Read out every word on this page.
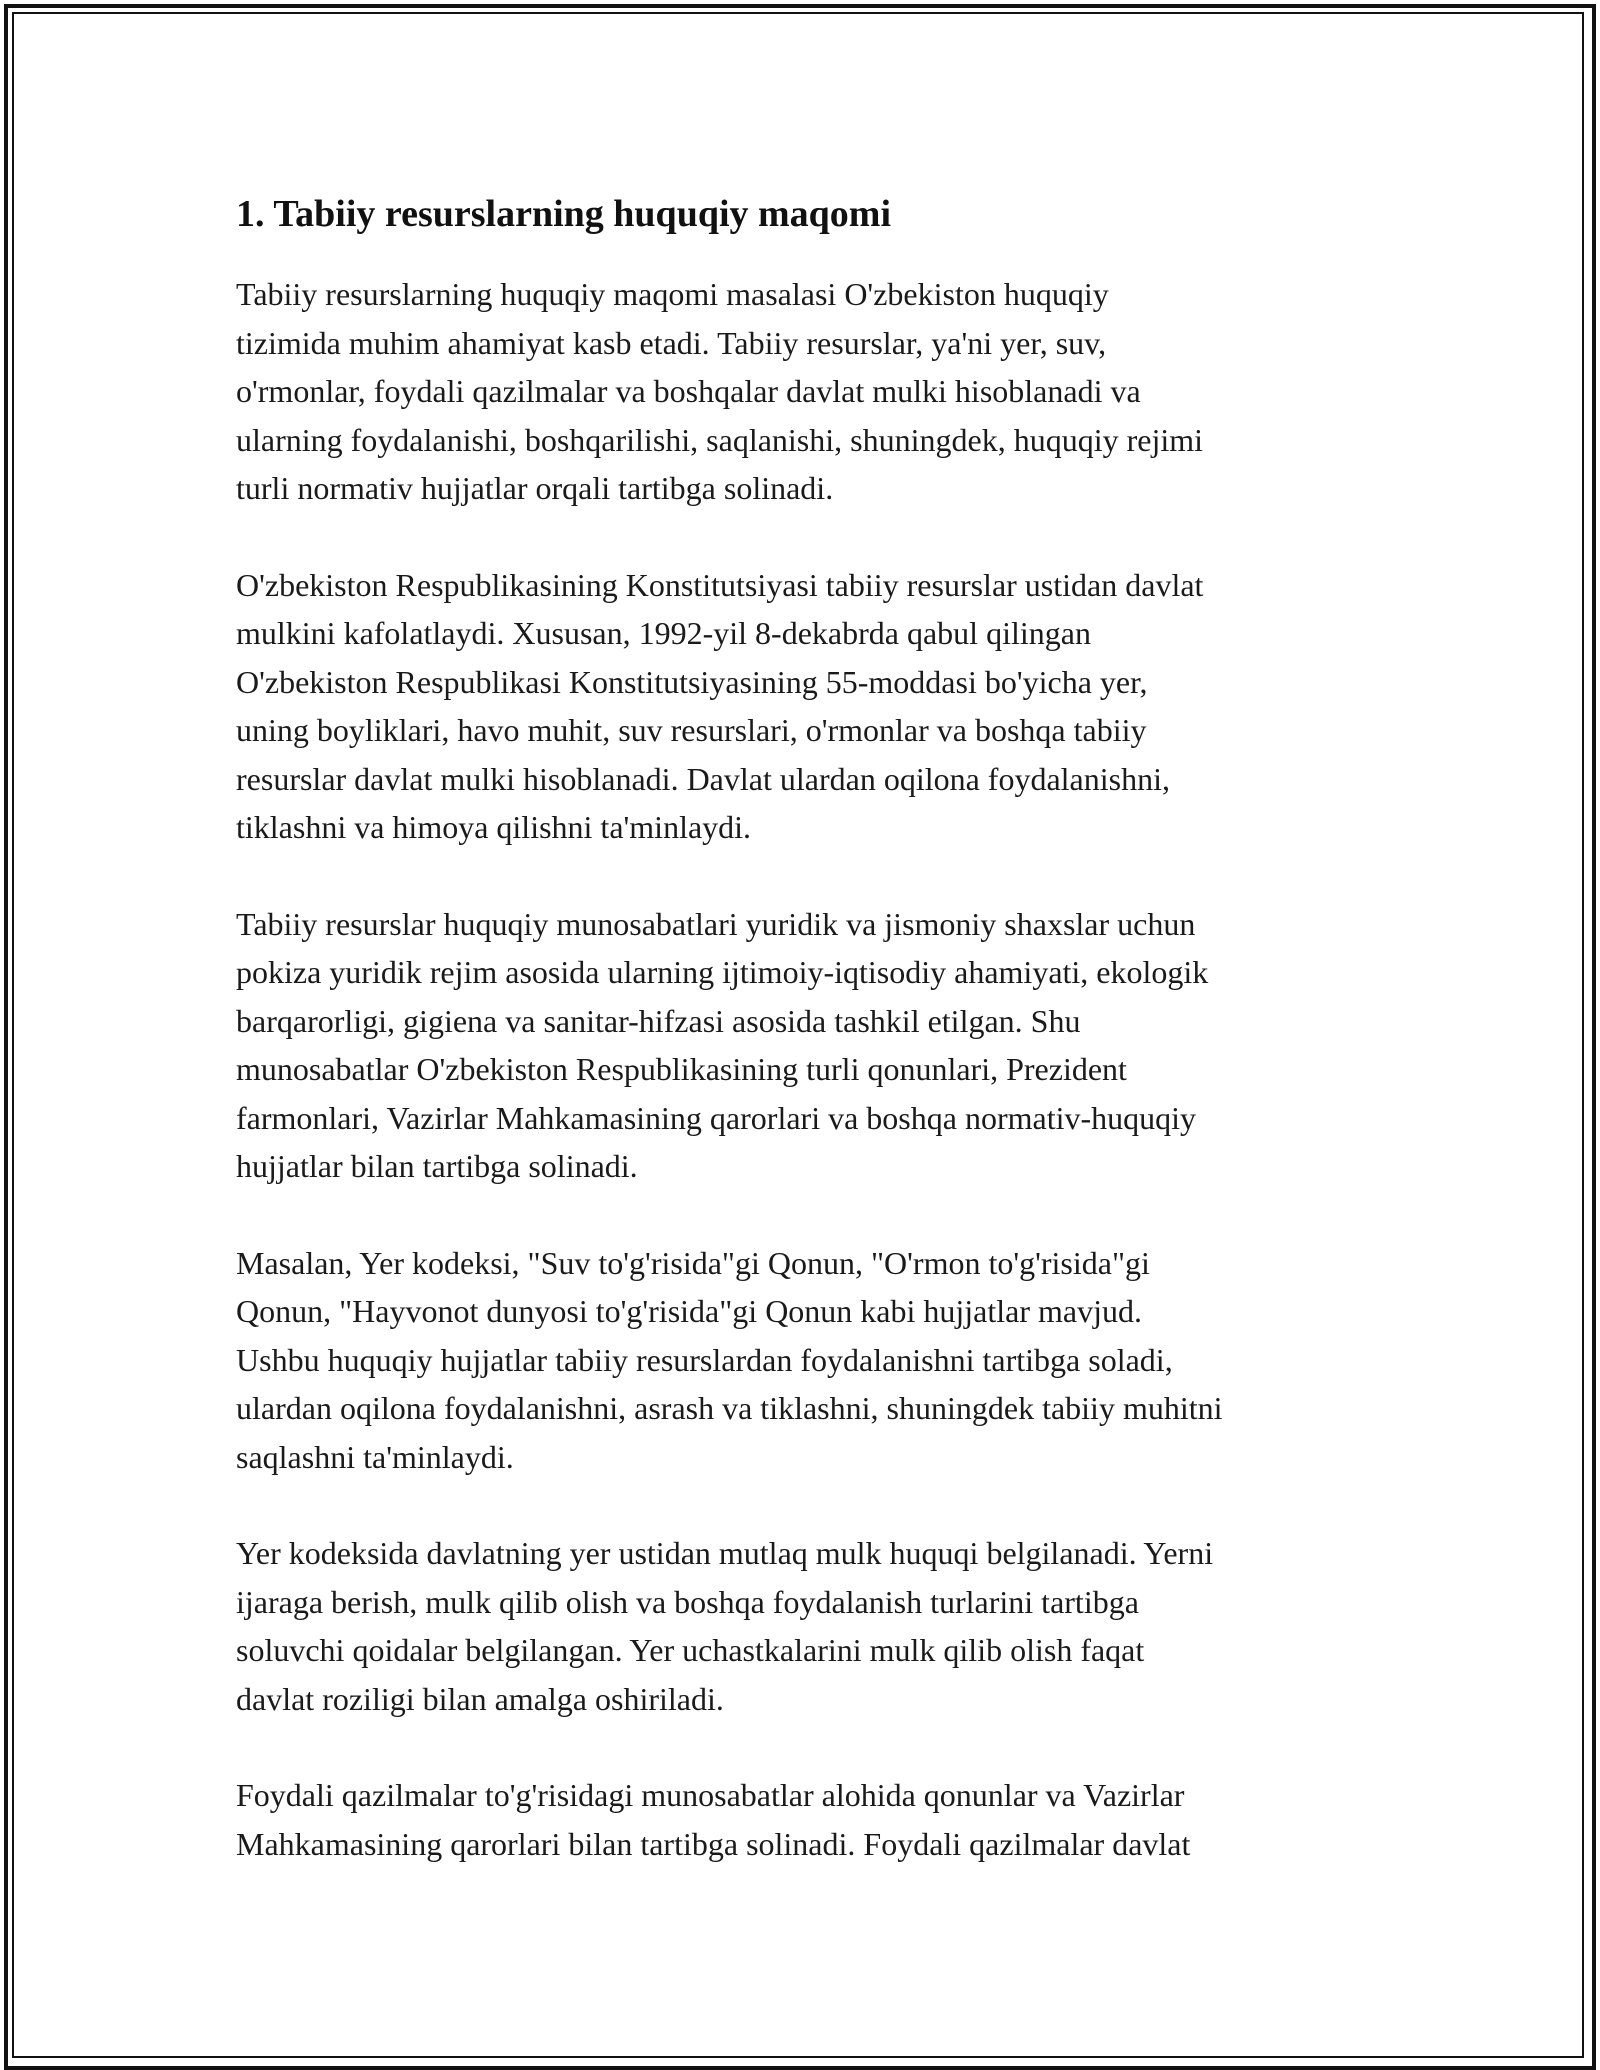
1. Tabiiy resurslarning huquqiy maqomi

Tabiiy resurslarning huquqiy maqomi masalasi O'zbekiston huquqiy
tizimida muhim ahamiyat kasb etadi. Tabiiy resurslar, ya'ni yer, suv,
o'rmonlar, foydali qazilmalar va boshqalar davlat mulki hisoblanadi va
ularning foydalanishi, boshqarilishi, saqlanishi, shuningdek, huquqiy rejimi
turli normativ hujjatlar orqali tartibga solinadi.

O'zbekiston Respublikasining Konstitutsiyasi tabiiy resurslar ustidan davlat
mulkini kafolatlaydi. Xususan, 1992-yil 8-dekabrda qabul qilingan
O'zbekiston Respublikasi Konstitutsiyasining 55-moddasi bo'yicha yer,
uning boyliklari, havo muhit, suv resurslari, o'rmonlar va boshqa tabiiy
resurslar davlat mulki hisoblanadi. Davlat ulardan oqilona foydalanishni,
tiklashni va himoya qilishni ta'minlaydi.

Tabiiy resurslar huquqiy munosabatlari yuridik va jismoniy shaxslar uchun
pokiza yuridik rejim asosida ularning ijtimoiy-iqtisodiy ahamiyati, ekologik
barqarorligi, gigiena va sanitar-hifzasi asosida tashkil etilgan. Shu
munosabatlar O'zbekiston Respublikasining turli qonunlari, Prezident
farmonlari, Vazirlar Mahkamasining qarorlari va boshqa normativ-huquqiy
hujjatlar bilan tartibga solinadi.

Masalan, Yer kodeksi, "Suv to'g'risida"gi Qonun, "O'rmon to'g'risida"gi
Qonun, "Hayvonot dunyosi to'g'risida"gi Qonun kabi hujjatlar mavjud.
Ushbu huquqiy hujjatlar tabiiy resurslardan foydalanishni tartibga soladi,
ulardan oqilona foydalanishni, asrash va tiklashni, shuningdek tabiiy muhitni
saqlashni ta'minlaydi.

Yer kodeksida davlatning yer ustidan mutlaq mulk huquqi belgilanadi. Yerni
ijaraga berish, mulk qilib olish va boshqa foydalanish turlarini tartibga
soluvchi qoidalar belgilangan. Yer uchastkalarini mulk qilib olish faqat
davlat roziligi bilan amalga oshiriladi.

Foydali qazilmalar to'g'risidagi munosabatlar alohida qonunlar va Vazirlar
Mahkamasining qarorlari bilan tartibga solinadi. Foydali qazilmalar davlat
